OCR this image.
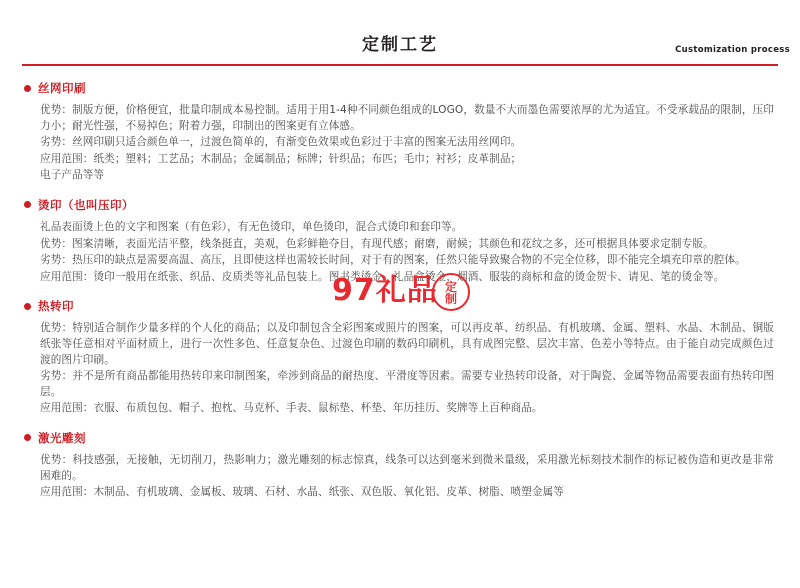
定制工艺	Customization process
丝网印刷

优势：制版方便，价格便宜，批量印制成本易控制。适用于用1-4种不同颜色组成的LOGO，数量不大而墨色需要浓厚的尤为适宜。不受承载品的限制，压印力小；耐光性强，不易掉色；附着力强，印制出的图案更有立体感。

劣势：丝网印刷只适合颜色单一，过渡色简单的，有渐变色效果或色彩过于丰富的图案无法用丝网印。

应用范围：纸类；塑料；工艺品；木制品；金属制品；标牌；针织品；布匹；毛巾；衬衫；皮革制品；

电子产品等等

烫印（也叫压印）

礼品表面烫上色的文字和图案（有色彩），有无色烫印，单色烫印，混合式烫印和套印等。

优势：图案清晰，表面光洁平整，线条挺直，美观，色彩鲜艳夺目，有现代感；耐磨，耐候；其颜色和花纹之多，还可根据具体要求定制专版。

劣势：热压印的缺点是需要高温、高压，且即使这样也需较长时间，对于有的图案，任然只能导致聚合物的不完全位移，即不能完全填充印章的腔体。

应用范围：烫印一般用在纸张、织品、皮质类等礼品包装上。图书类烫金，礼品盒烫金，烟酒、服装的商标和盒的烫金贺卡、请见、笔的烫金等。

热转印

优势：特别适合制作少量多样的个人化的商品；以及印制包含全彩图案或照片的图案，可以再皮革、纺织品、有机玻璃、金属、塑料、水晶、木制品、铜版纸张等任意相对平面材质上，进行一次性多色、任意复杂色、过渡色印刷的数码印刷机，具有成图完整、层次丰富、色差小等特点。由于能自动完成颜色过渡的图片印刷。

劣势：并不是所有商品都能用热转印来印制图案，牵涉到商品的耐热度、平滑度等因素。需要专业热转印设备，对于陶瓷、金属等物品需要表面有热转印图层。

应用范围：衣服、布质包包、帽子、抱枕、马克杯、手表、鼠标垫、杯垫、年历挂历、奖牌等上百种商品。

激光雕刻

优势：科技感强，无接触，无切削刀，热影响力；激光雕刻的标志惊真，线条可以达到毫米到微米量级，采用激光标刻技术制作的标记被伪造和更改是非常困难的。

应用范围：木制品、有机玻璃、金属板、玻璃、石材、水晶、纸张、双色版、氧化铝、皮革、树脂、喷塑金属等

97礼品 定
制
